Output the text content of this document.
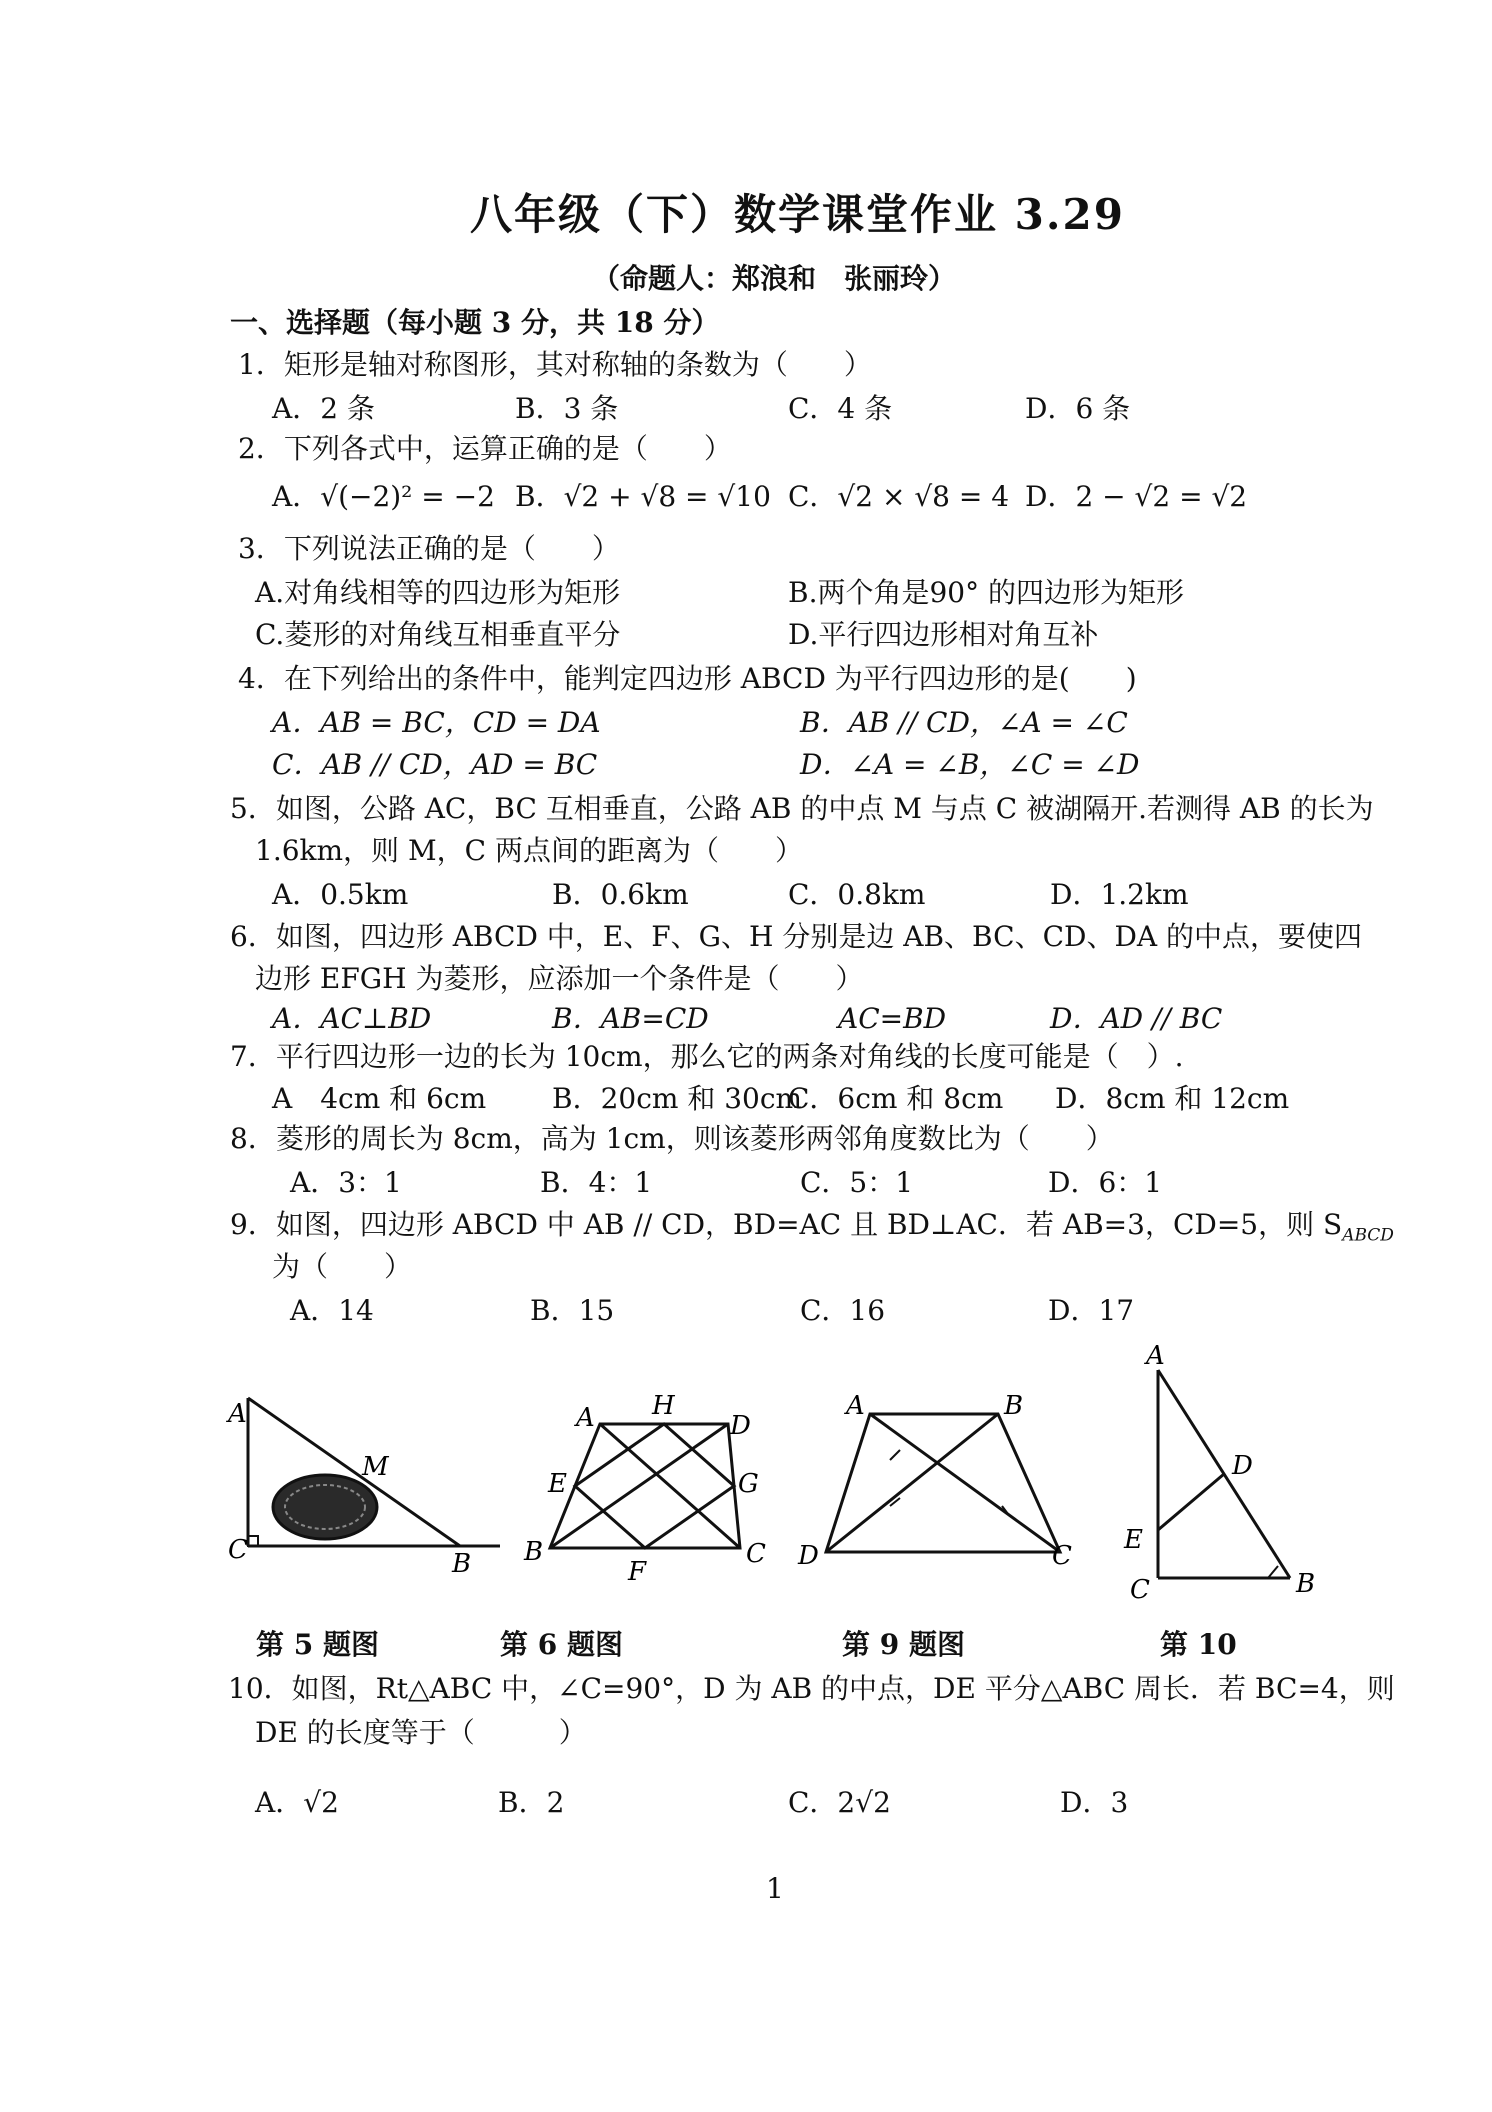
八年级（下）数学课堂作业 3.29
（命题人：郑浪和　张丽玲）
一、选择题（每小题 3 分，共 18 分）
1．矩形是轴对称图形，其对称轴的条数为（　　）
A．2 条	B．3 条	C．4 条	D．6 条
2．下列各式中，运算正确的是（　　）
A．√(−2)² = −2 B．√2 + √8 = √10 C．√2 × √8 = 4 D．2 − √2 = √2
3．下列说法正确的是（　　）
A.对角线相等的四边形为矩形	B.两个角是90° 的四边形为矩形
C.菱形的对角线互相垂直平分	D.平行四边形相对角互补
4．在下列给出的条件中，能判定四边形 ABCD 为平行四边形的是(　　)
A．AB = BC，CD = DA	B．AB // CD，∠A = ∠C
C．AB // CD，AD = BC	D．∠A = ∠B，∠C = ∠D
5．如图，公路 AC，BC 互相垂直，公路 AB 的中点 M 与点 C 被湖隔开.若测得 AB 的长为
1.6km，则 M，C 两点间的距离为（　　）
A．0.5km	B．0.6km	C．0.8km	D．1.2km
6．如图，四边形 ABCD 中，E、F、G、H 分别是边 AB、BC、CD、DA 的中点，要使四
边形 EFGH 为菱形，应添加一个条件是（　　）
A．AC⊥BD	B．AB=CD	AC=BD	D．AD // BC
7．平行四边形一边的长为 10cm，那么它的两条对角线的长度可能是（　）.
A　4cm 和 6cm B．20cm 和 30cm
C．6cm 和 8cm D．8cm 和 12cm
8．菱形的周长为 8cm，高为 1cm，则该菱形两邻角度数比为（　　）
A．3：1	B．4：1	C．5：1	D．6：1
9．如图，四边形 ABCD 中 AB // CD，BD=AC 且 BD⊥AC．若 AB=3，CD=5，则 $S_{ABCD}$
为（　　）
A．14	B．15	C．16	D．17
A
M
C	B
A H
D
E	G
B
F
C
A	B
D	C
A
D
E
C	B
第 5 题图	第 6 题图	第 9 题图	第 10
10．如图，Rt△ABC 中，∠C=90°，D 为 AB 的中点，DE 平分△ABC 周长．若 BC=4，则
DE 的长度等于（　　　）
A．√2	B．2	C．2√2	D．3
1
